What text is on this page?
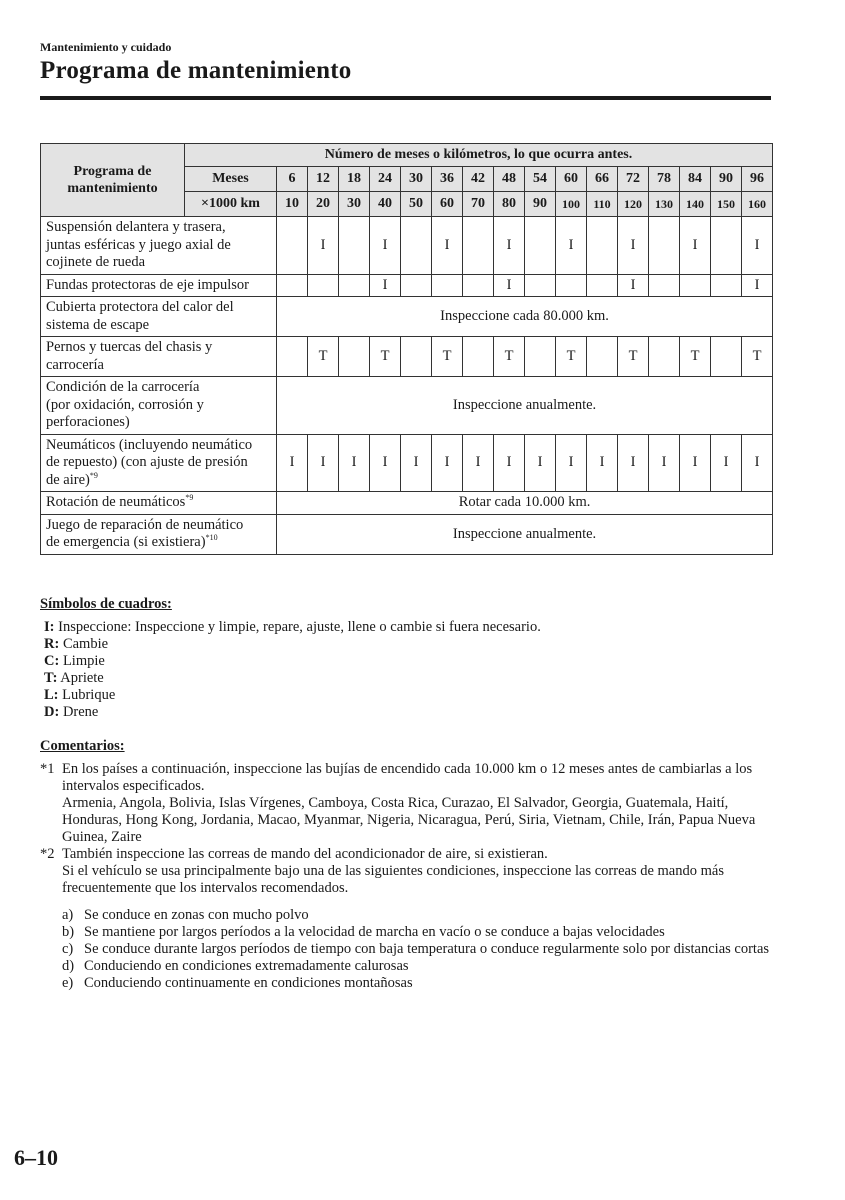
Mantenimiento y cuidado
Programa de mantenimiento
Programa de
mantenimiento	Número de meses o kilómetros, lo que ocurra antes.																
	Meses	6	12	18	24	30	36	42	48	54	60	66	72	78	84	90	96
	×1000 km	10	20	30	40	50	60	70	80	90	100	110	120	130	140	150	160
Suspensión delantera y trasera,
juntas esféricas y juego axial de
cojinete de rueda			I		I		I		I		I		I		I		I
Fundas protectoras de eje impulsor					I				I				I				I
Cubierta protectora del calor del
sistema de escape		Inspeccione cada 80.000 km.															
Pernos y tuercas del chasis y
carrocería			T		T		T		T		T		T		T		T
Condición de la carrocería
(por oxidación, corrosión y
perforaciones)		Inspeccione anualmente.															
Neumáticos (incluyendo neumático
de repuesto) (con ajuste de presión
de aire)$^{*9}$		I	I	I	I	I	I	I	I	I	I	I	I	I	I	I	I
Rotación de neumáticos$^{*9}$		Rotar cada 10.000 km.															
Juego de reparación de neumático
de emergencia (si existiera)$^{*10}$		Inspeccione anualmente.															
Símbolos de cuadros:
I: Inspeccione: Inspeccione y limpie, repare, ajuste, llene o cambie si fuera necesario.
R: Cambie
C: Limpie
T: Apriete
L: Lubrique
D: Drene
Comentarios:
*1 En los países a continuación, inspeccione las bujías de encendido cada 10.000 km o 12 meses antes de cambiarlas a los intervalos especificados.

Armenia, Angola, Bolivia, Islas Vírgenes, Camboya, Costa Rica, Curazao, El Salvador, Georgia, Guatemala, Haití, Honduras, Hong Kong, Jordania, Macao, Myanmar, Nigeria, Nicaragua, Perú, Siria, Vietnam, Chile, Irán, Papua Nueva Guinea, Zaire

*2 También inspeccione las correas de mando del acondicionador de aire, si existieran.

Si el vehículo se usa principalmente bajo una de las siguientes condiciones, inspeccione las correas de mando más frecuentemente que los intervalos recomendados.

a) Se conduce en zonas con mucho polvo
b) Se mantiene por largos períodos a la velocidad de marcha en vacío o se conduce a bajas velocidades
c) Se conduce durante largos períodos de tiempo con baja temperatura o conduce regularmente solo por distancias cortas
d) Conduciendo en condiciones extremadamente calurosas
e) Conduciendo continuamente en condiciones montañosas
6–10
